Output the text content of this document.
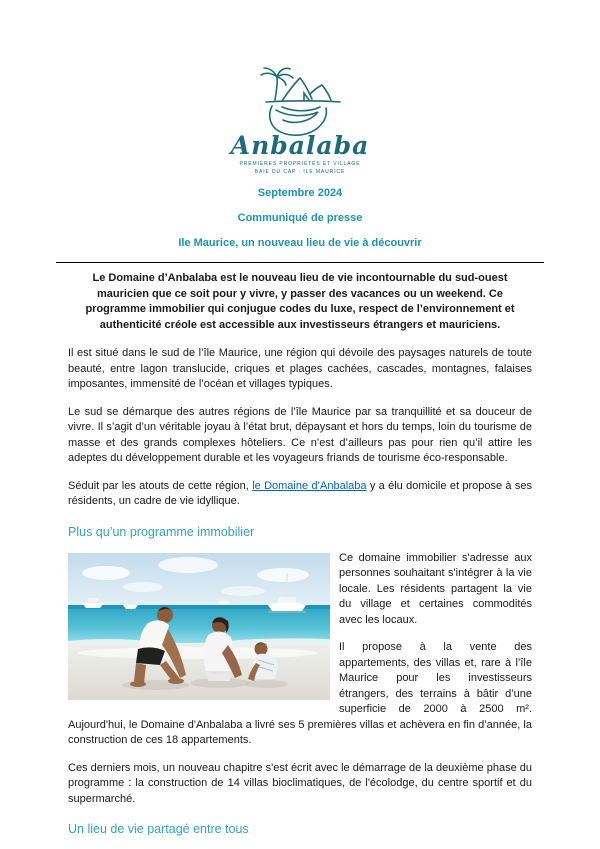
Anbalaba
PREMIÈRES PROPRIÉTÉS ET VILLAGE
BAIE DU CAP - ILE MAURICE
Septembre 2024
Communiqué de presse
Ile Maurice, un nouveau lieu de vie à découvrir

Le Domaine d’Anbalaba est le nouveau lieu de vie incontournable du sud-ouest mauricien que ce soit pour y vivre, y passer des vacances ou un weekend. Ce programme immobilier qui conjugue codes du luxe, respect de l’environnement et authenticité créole est accessible aux investisseurs étrangers et mauriciens.

Il est situé dans le sud de l’île Maurice, une région qui dévoile des paysages naturels de toute beauté, entre lagon translucide, criques et plages cachées, cascades, montagnes, falaises imposantes, immensité de l’océan et villages typiques.

Le sud se démarque des autres régions de l’île Maurice par sa tranquillité et sa douceur de vivre. Il s’agit d’un véritable joyau à l’état brut, dépaysant et hors du temps, loin du tourisme de masse et des grands complexes hôteliers. Ce n’est d’ailleurs pas pour rien qu’il attire les adeptes du développement durable et les voyageurs friands de tourisme éco-responsable.

Séduit par les atouts de cette région, le Domaine d’Anbalaba y a élu domicile et propose à ses résidents, un cadre de vie idyllique.

Plus qu’un programme immobilier

Ce domaine immobilier s'adresse aux personnes souhaitant s'intégrer à la vie locale. Les résidents partagent la vie du village et certaines commodités avec les locaux.

Il propose à la vente des appartements, des villas et, rare à l’île Maurice pour les investisseurs étrangers, des terrains à bâtir d’une superficie de 2000 à 2500 m². Aujourd'hui, le Domaine d'Anbalaba a livré ses 5 premières villas et achèvera en fin d’année, la construction de ces 18 appartements.

Ces derniers mois, un nouveau chapitre s'est écrit avec le démarrage de la deuxième phase du programme : la construction de 14 villas bioclimatiques, de l'écolodge, du centre sportif et du supermarché.

Un lieu de vie partagé entre tous
